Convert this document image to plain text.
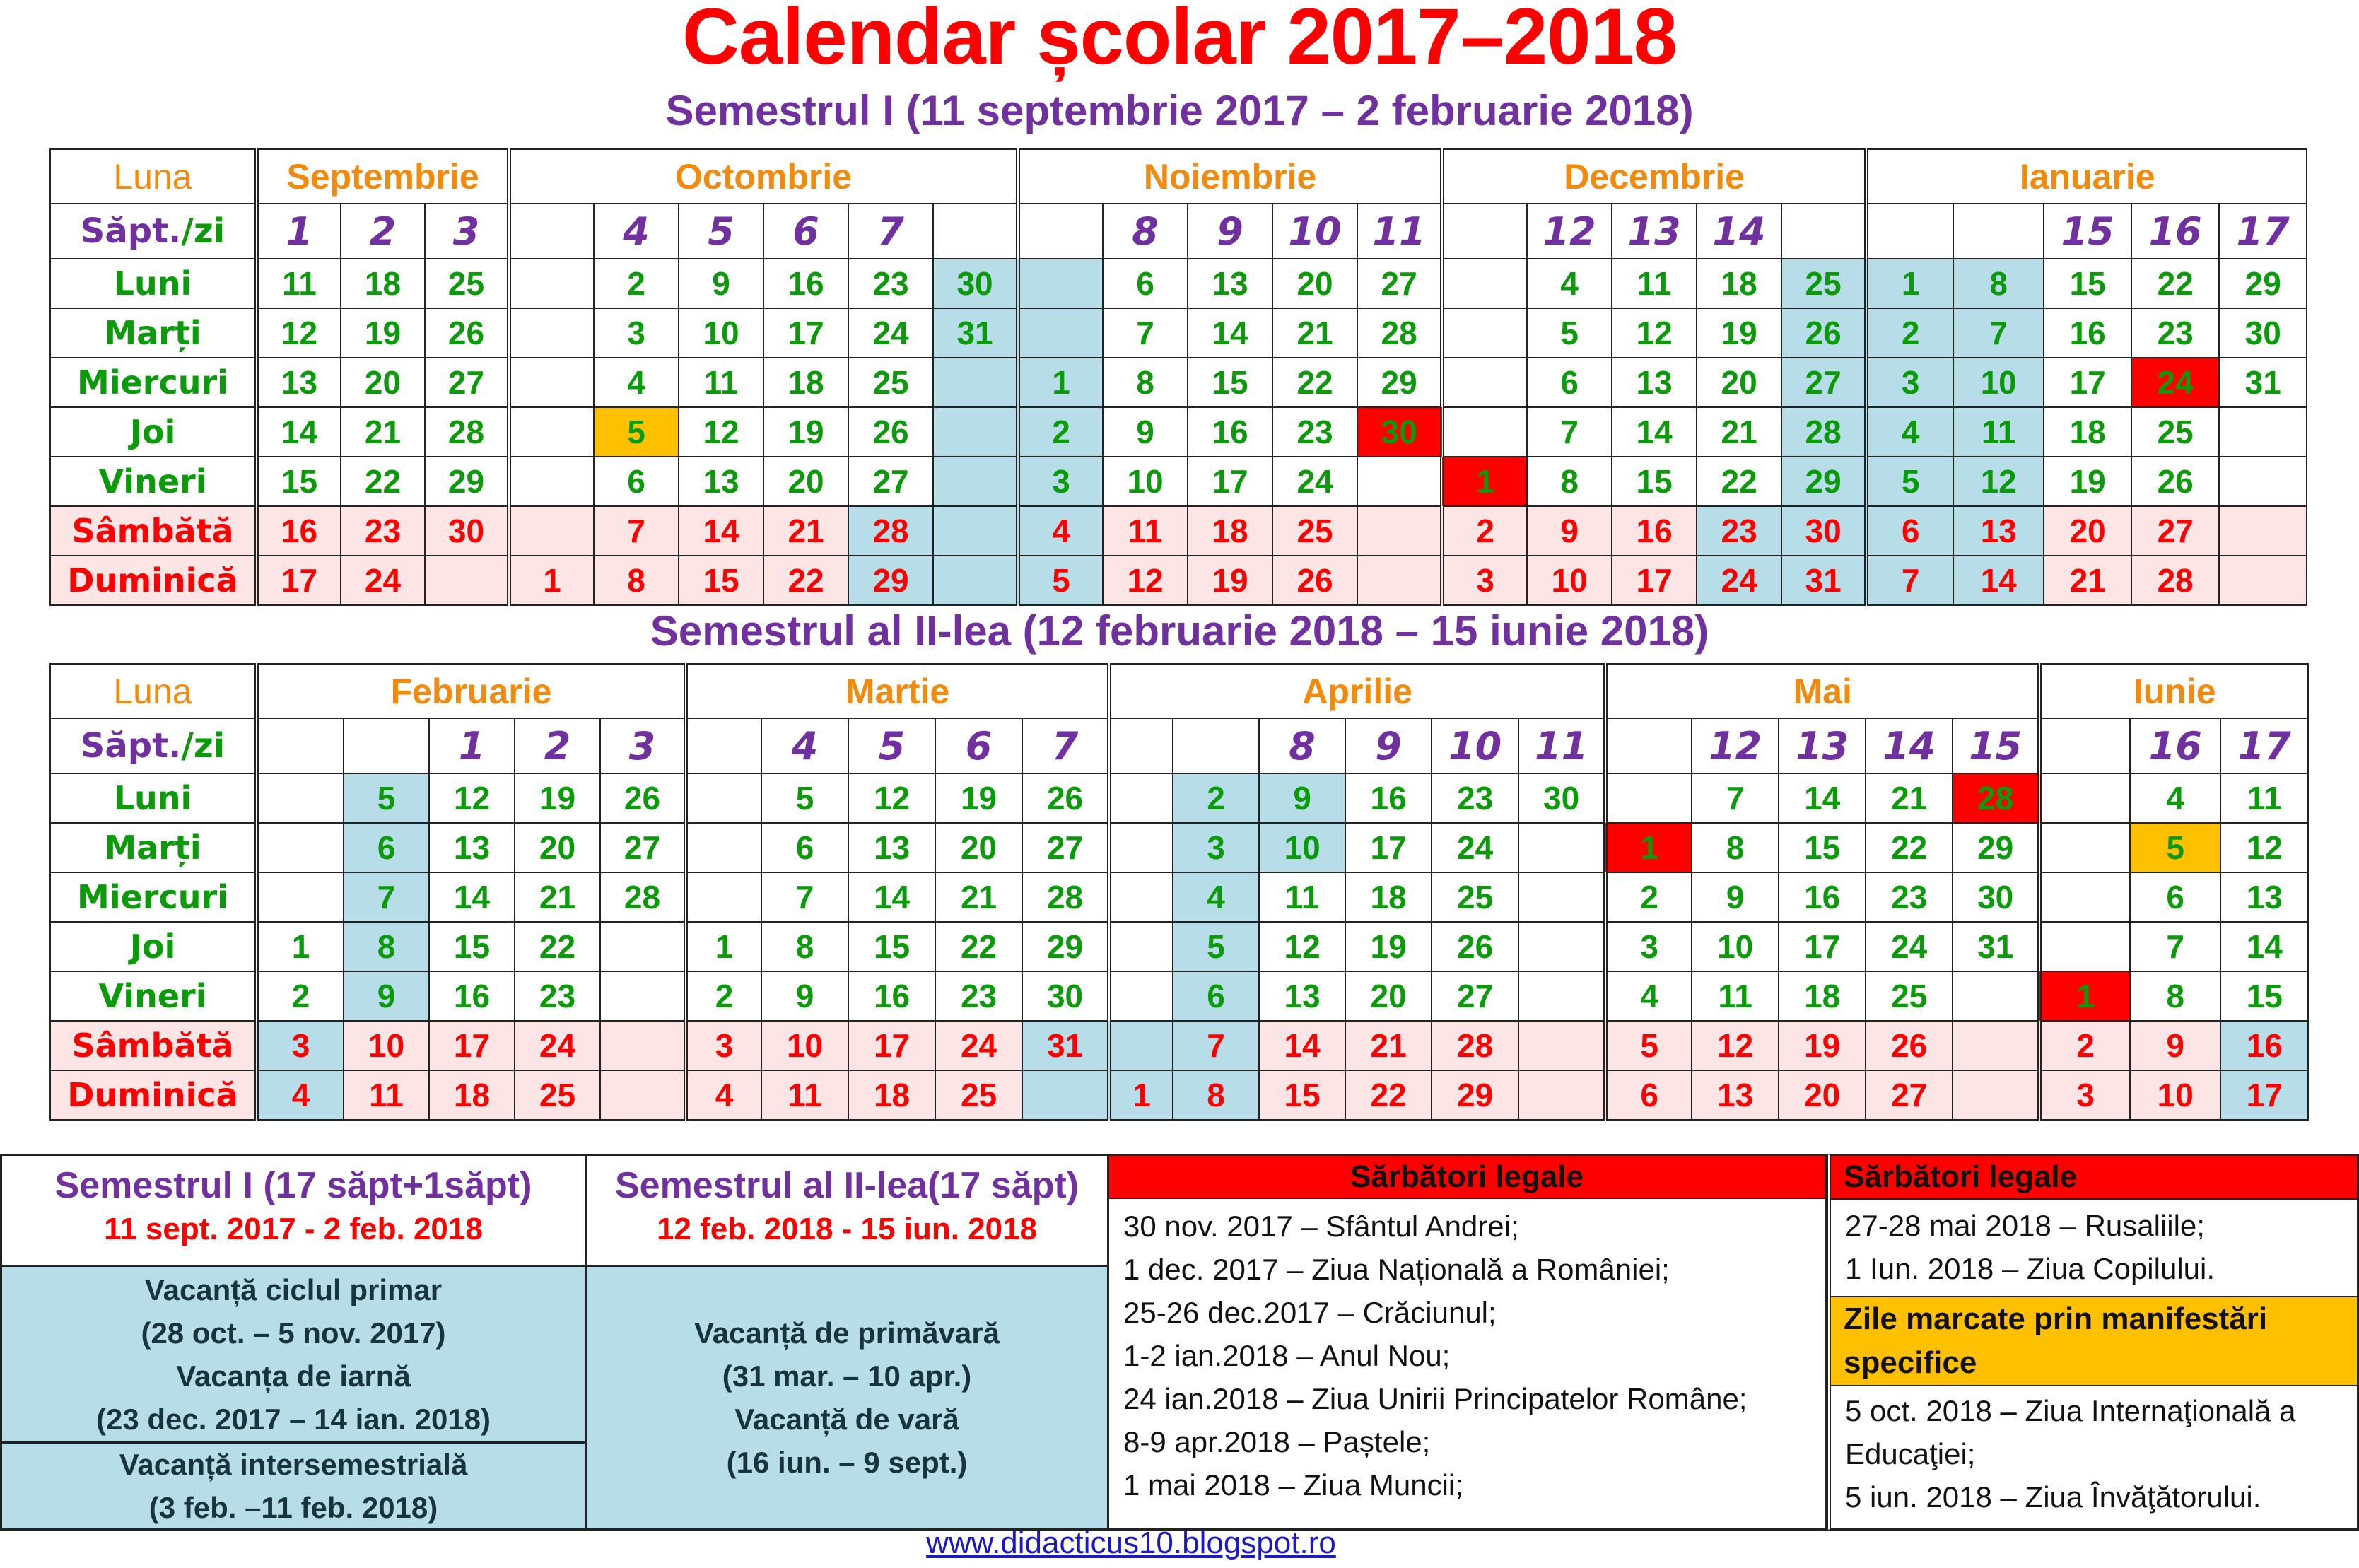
Calendar școlar 2017–2018
Semestrul I (11 septembrie 2017 – 2 februarie 2018)
Luna	Septembrie			Octombrie						Noiembrie					Decembrie					Ianuarie				
Săpt./zi	1	2	3		4	5	6	7			8	9	10	11		12	13	14				15	16	17
Luni	11	18	25		2	9	16	23	30		6	13	20	27		4	11	18	25	1	8	15	22	29
Marți	12	19	26		3	10	17	24	31		7	14	21	28		5	12	19	26	2	7	16	23	30
Miercuri	13	20	27		4	11	18	25		1	8	15	22	29		6	13	20	27	3	10	17	24	31
Joi	14	21	28		5	12	19	26		2	9	16	23	30		7	14	21	28	4	11	18	25	
Vineri	15	22	29		6	13	20	27		3	10	17	24		1	8	15	22	29	5	12	19	26	
Sâmbătă	16	23	30		7	14	21	28		4	11	18	25		2	9	16	23	30	6	13	20	27	
Duminică	17	24		1	8	15	22	29		5	12	19	26		3	10	17	24	31	7	14	21	28	
Semestrul al II-lea (12 februarie 2018 – 15 iunie 2018)
Luna	Februarie					Martie					Aprilie						Mai					Iunie		
Săpt./zi			1	2	3		4	5	6	7			8	9	10	11		12	13	14	15		16	17
Luni		5	12	19	26		5	12	19	26		2	9	16	23	30		7	14	21	28		4	11
Marți		6	13	20	27		6	13	20	27		3	10	17	24		1	8	15	22	29		5	12
Miercuri		7	14	21	28		7	14	21	28		4	11	18	25		2	9	16	23	30		6	13
Joi	1	8	15	22		1	8	15	22	29		5	12	19	26		3	10	17	24	31		7	14
Vineri	2	9	16	23		2	9	16	23	30		6	13	20	27		4	11	18	25		1	8	15
Sâmbătă	3	10	17	24		3	10	17	24	31		7	14	21	28		5	12	19	26		2	9	16
Duminică	4	11	18	25		4	11	18	25		1	8	15	22	29		6	13	20	27		3	10	17
Semestrul I (17 săpt+1săpt)
11 sept. 2017 - 2 feb. 2018
Vacanță ciclul primar
(28 oct. – 5 nov. 2017)
Vacanța de iarnă
(23 dec. 2017 – 14 ian. 2018)
Vacanță intersemestrială
(3 feb. –11 feb. 2018)
Semestrul al II-lea(17 săpt)
12 feb. 2018 - 15 iun. 2018
Vacanță de primăvară
(31 mar. – 10 apr.)
Vacanță de vară
(16 iun. – 9 sept.)
Sărbători legale
30 nov. 2017 – Sfântul Andrei;
1 dec. 2017 – Ziua Națională a României;
25-26 dec.2017 – Crăciunul;
1-2 ian.2018 – Anul Nou;
24 ian.2018 – Ziua Unirii Principatelor Române;
8-9 apr.2018 – Paștele;
1 mai 2018 – Ziua Muncii;
Sărbători legale
27-28 mai 2018 – Rusaliile;
1 Iun. 2018 – Ziua Copilului.
Zile marcate prin manifestări specifice
5 oct. 2018 – Ziua Internaţională a Educaţiei;
5 iun. 2018 – Ziua Învăţătorului.
www.didacticus10.blogspot.ro
